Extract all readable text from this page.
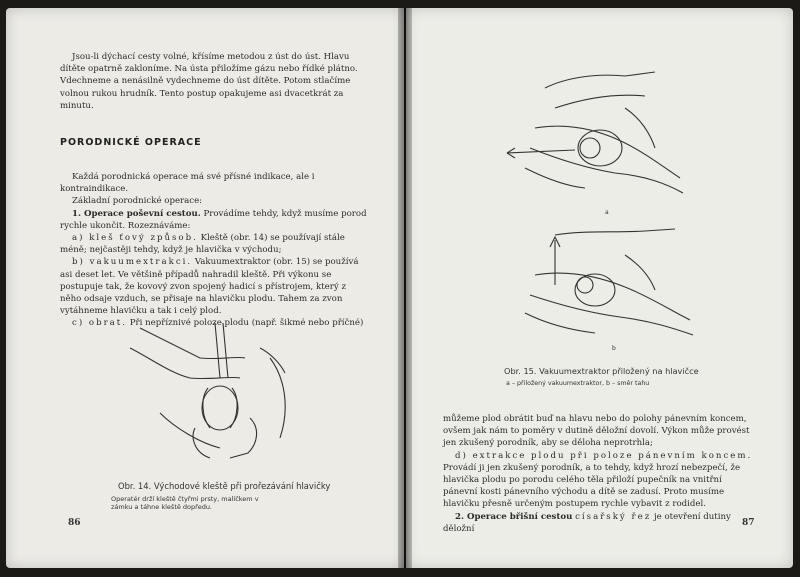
Jsou-li dýchací cesty volné, křísíme metodou z úst do úst. Hlavu dítěte opatrně zakloníme. Na ústa přiložíme gázu nebo řídké plátno. Vdechneme a nenásilně vydechneme do úst dítěte. Potom stlačíme volnou rukou hrudník. Tento postup opakujeme asi dvacetkrát za minutu.

PORODNICKÉ OPERACE

Každá porodnická operace má své přísné indikace, ale i kontraindikace.

Základní porodnické operace:

1. Operace poševní cestou. Provádíme tehdy, když musíme porod rychle ukončit. Rozeznáváme:

a) kleš ťový způsob. Kleště (obr. 14) se používají stále méně; nejčastěji tehdy, když je hlavička v východu;

b) vakuumextrakci. Vakuumextraktor (obr. 15) se používá asi deset let. Ve většině případů nahradil kleště. Při výkonu se postupuje tak, že kovový zvon spojený hadicí s přístrojem, který z něho odsaje vzduch, se přisaje na hlavičku plodu. Tahem za zvon vytáhneme hlavičku a tak i celý plod.

c) obrat. Při nepříznivé poloze plodu (např. šikmé nebo příčné)

Obr. 14. Východové kleště při prořezávání hlavičky
Operatér drží kleště čtyřmi prsty, malíčkem v zámku a táhne kleště dopředu.
86
a
b
Obr. 15. Vakuumextraktor přiložený na hlavičce
a – přiložený vakuumextraktor, b – směr tahu

můžeme plod obrátit buď na hlavu nebo do polohy pánevním koncem, ovšem jak nám to poměry v dutině děložní dovolí. Výkon může provést jen zkušený porodník, aby se děloha neprotrhla;

d) extrakce plodu při poloze pánevním koncem. Provádí ji jen zkušený porodník, a to tehdy, když hrozí nebezpečí, že hlavička plodu po porodu celého těla přiloží pupečník na vnitřní pánevní kosti pánevního východu a dítě se zadusí. Proto musíme hlavičku přesně určeným postupem rychle vybavit z rodidel.

2. Operace břišní cestou císařský řez je otevření dutiny děložní

87
